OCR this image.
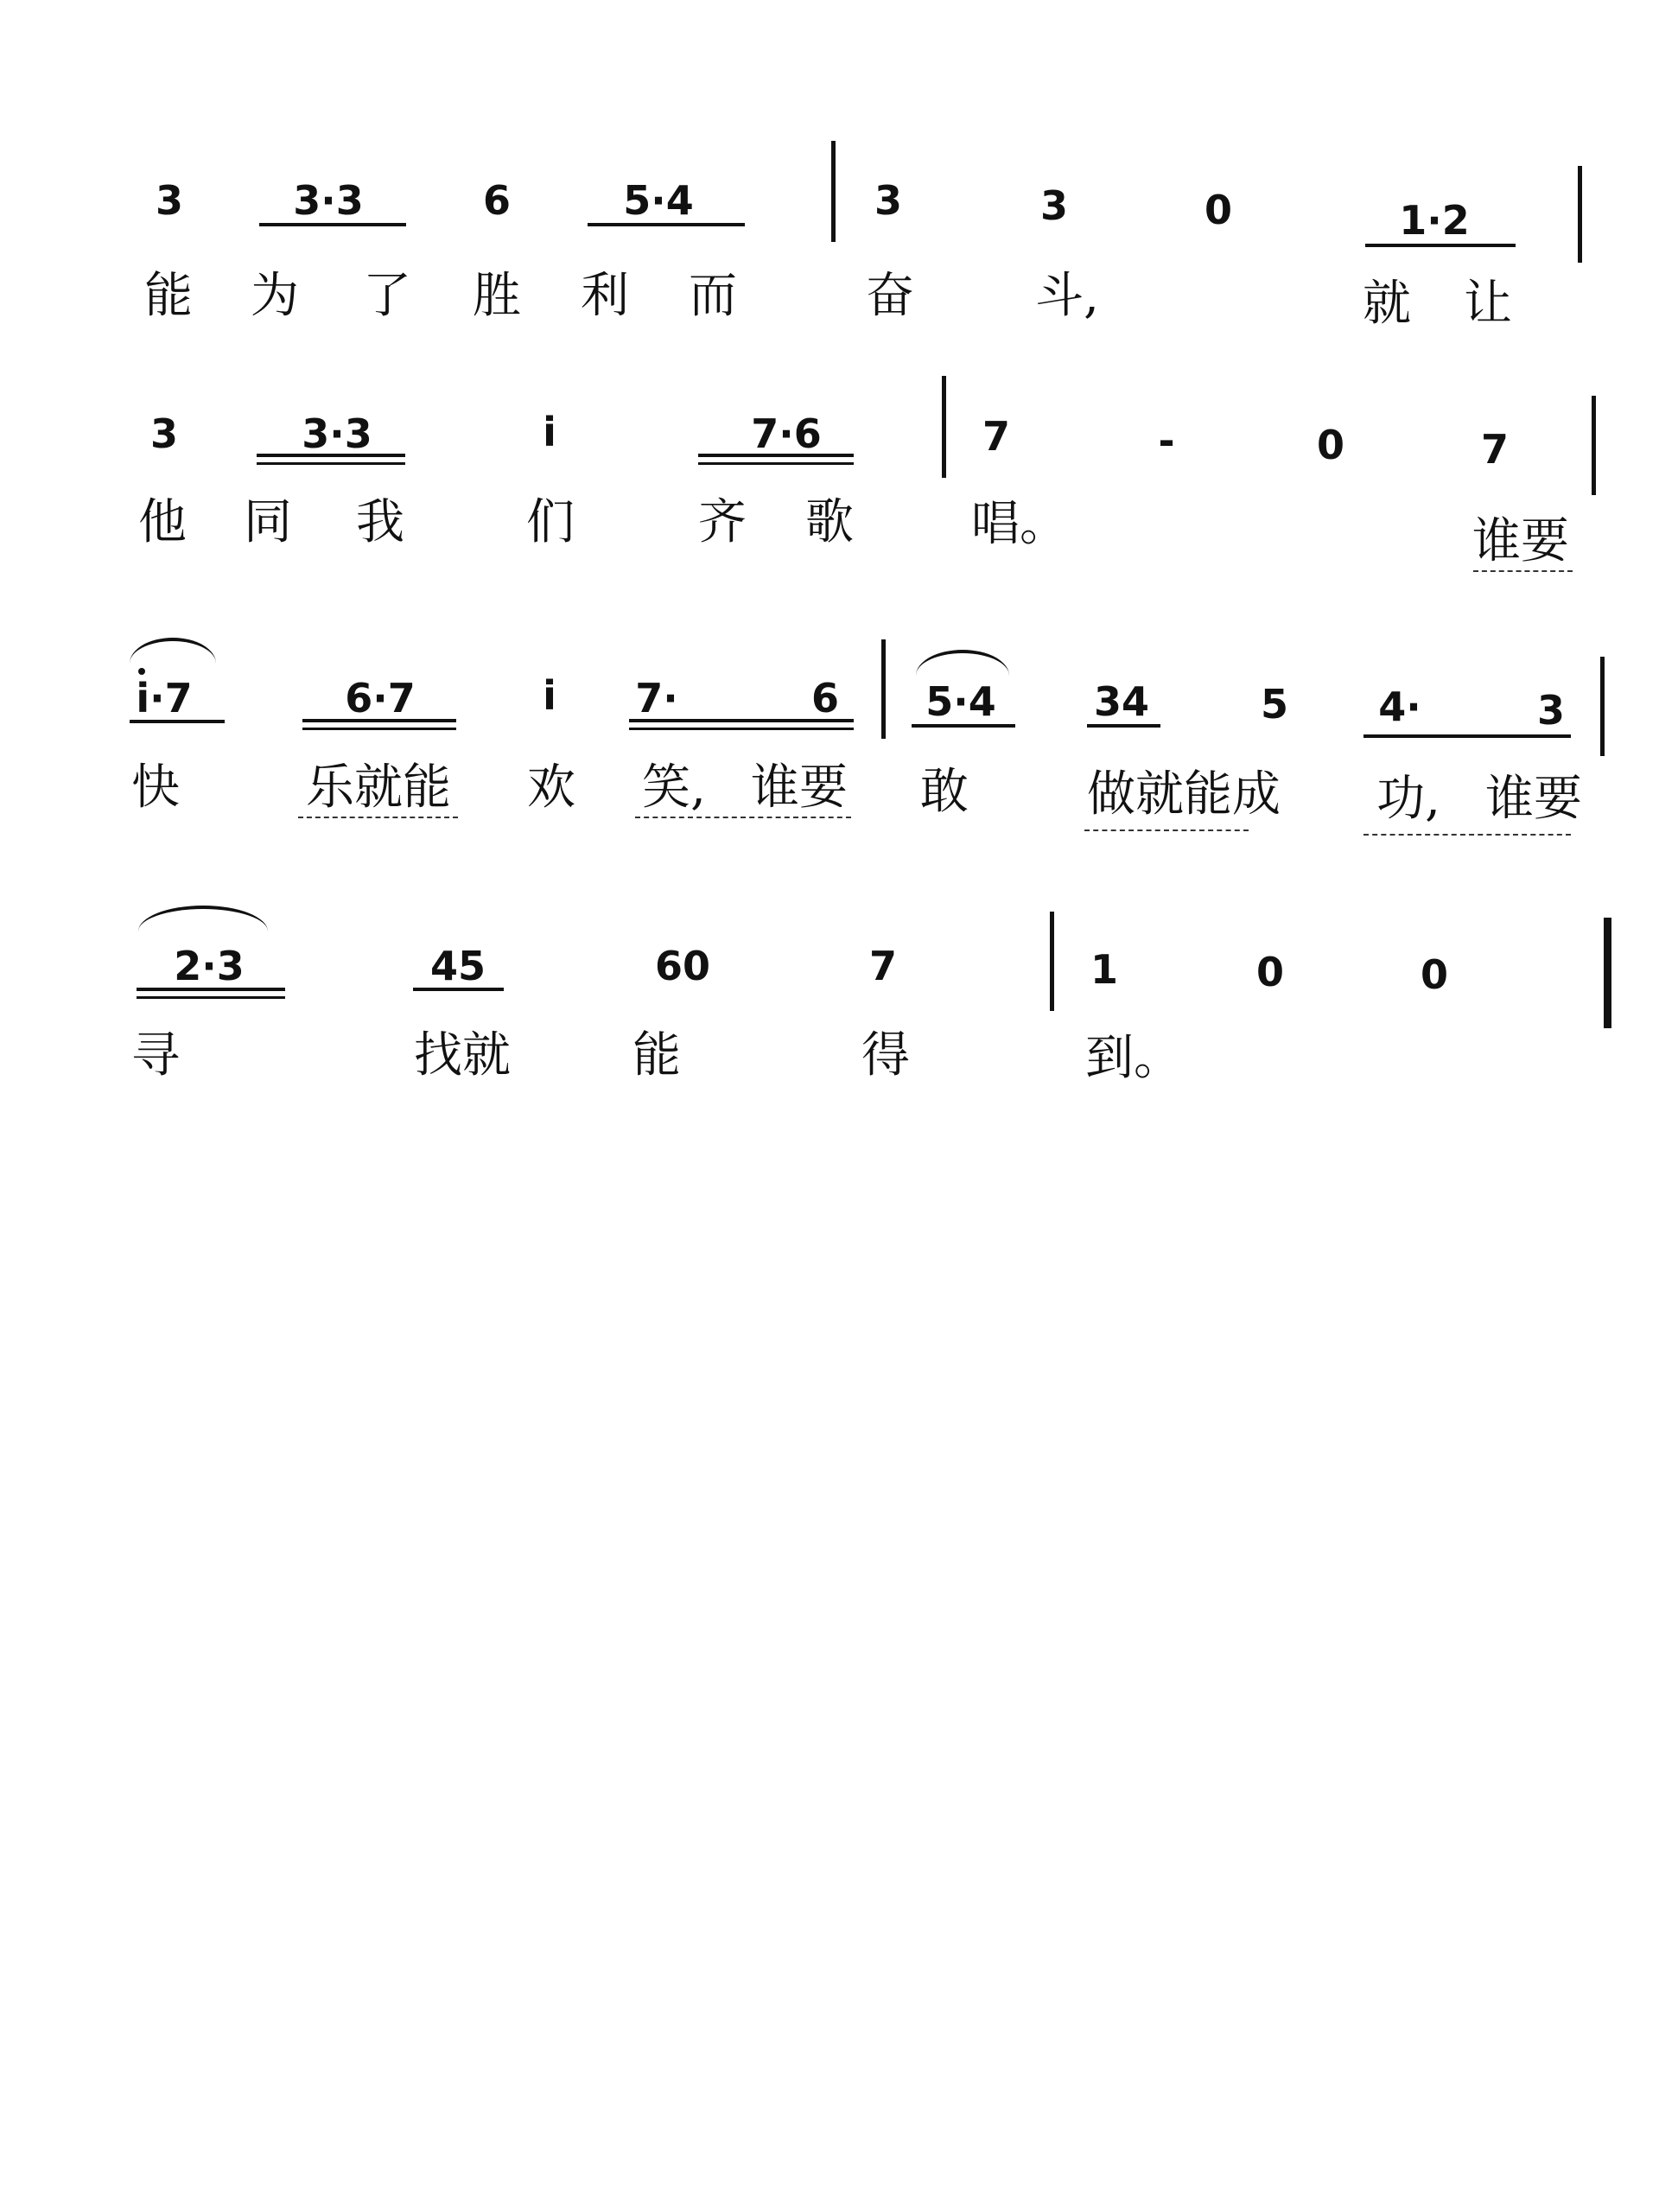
3	3·3	6	5·4	3	3	0	1·2
能 为 了 胜 利 而	奋	斗,	就 让
3	3·3	i	7·6	7	-	0	7
他 同 我	们	齐 歌 唱。	谁要
i·7	6·7	i 7·	6 5·4 34	5 4·	3
快	乐就能 欢 笑, 谁要 敢 做就能成 功, 谁要
2·3	45	60	7	1	0	0
寻	找就	能	得	到。
